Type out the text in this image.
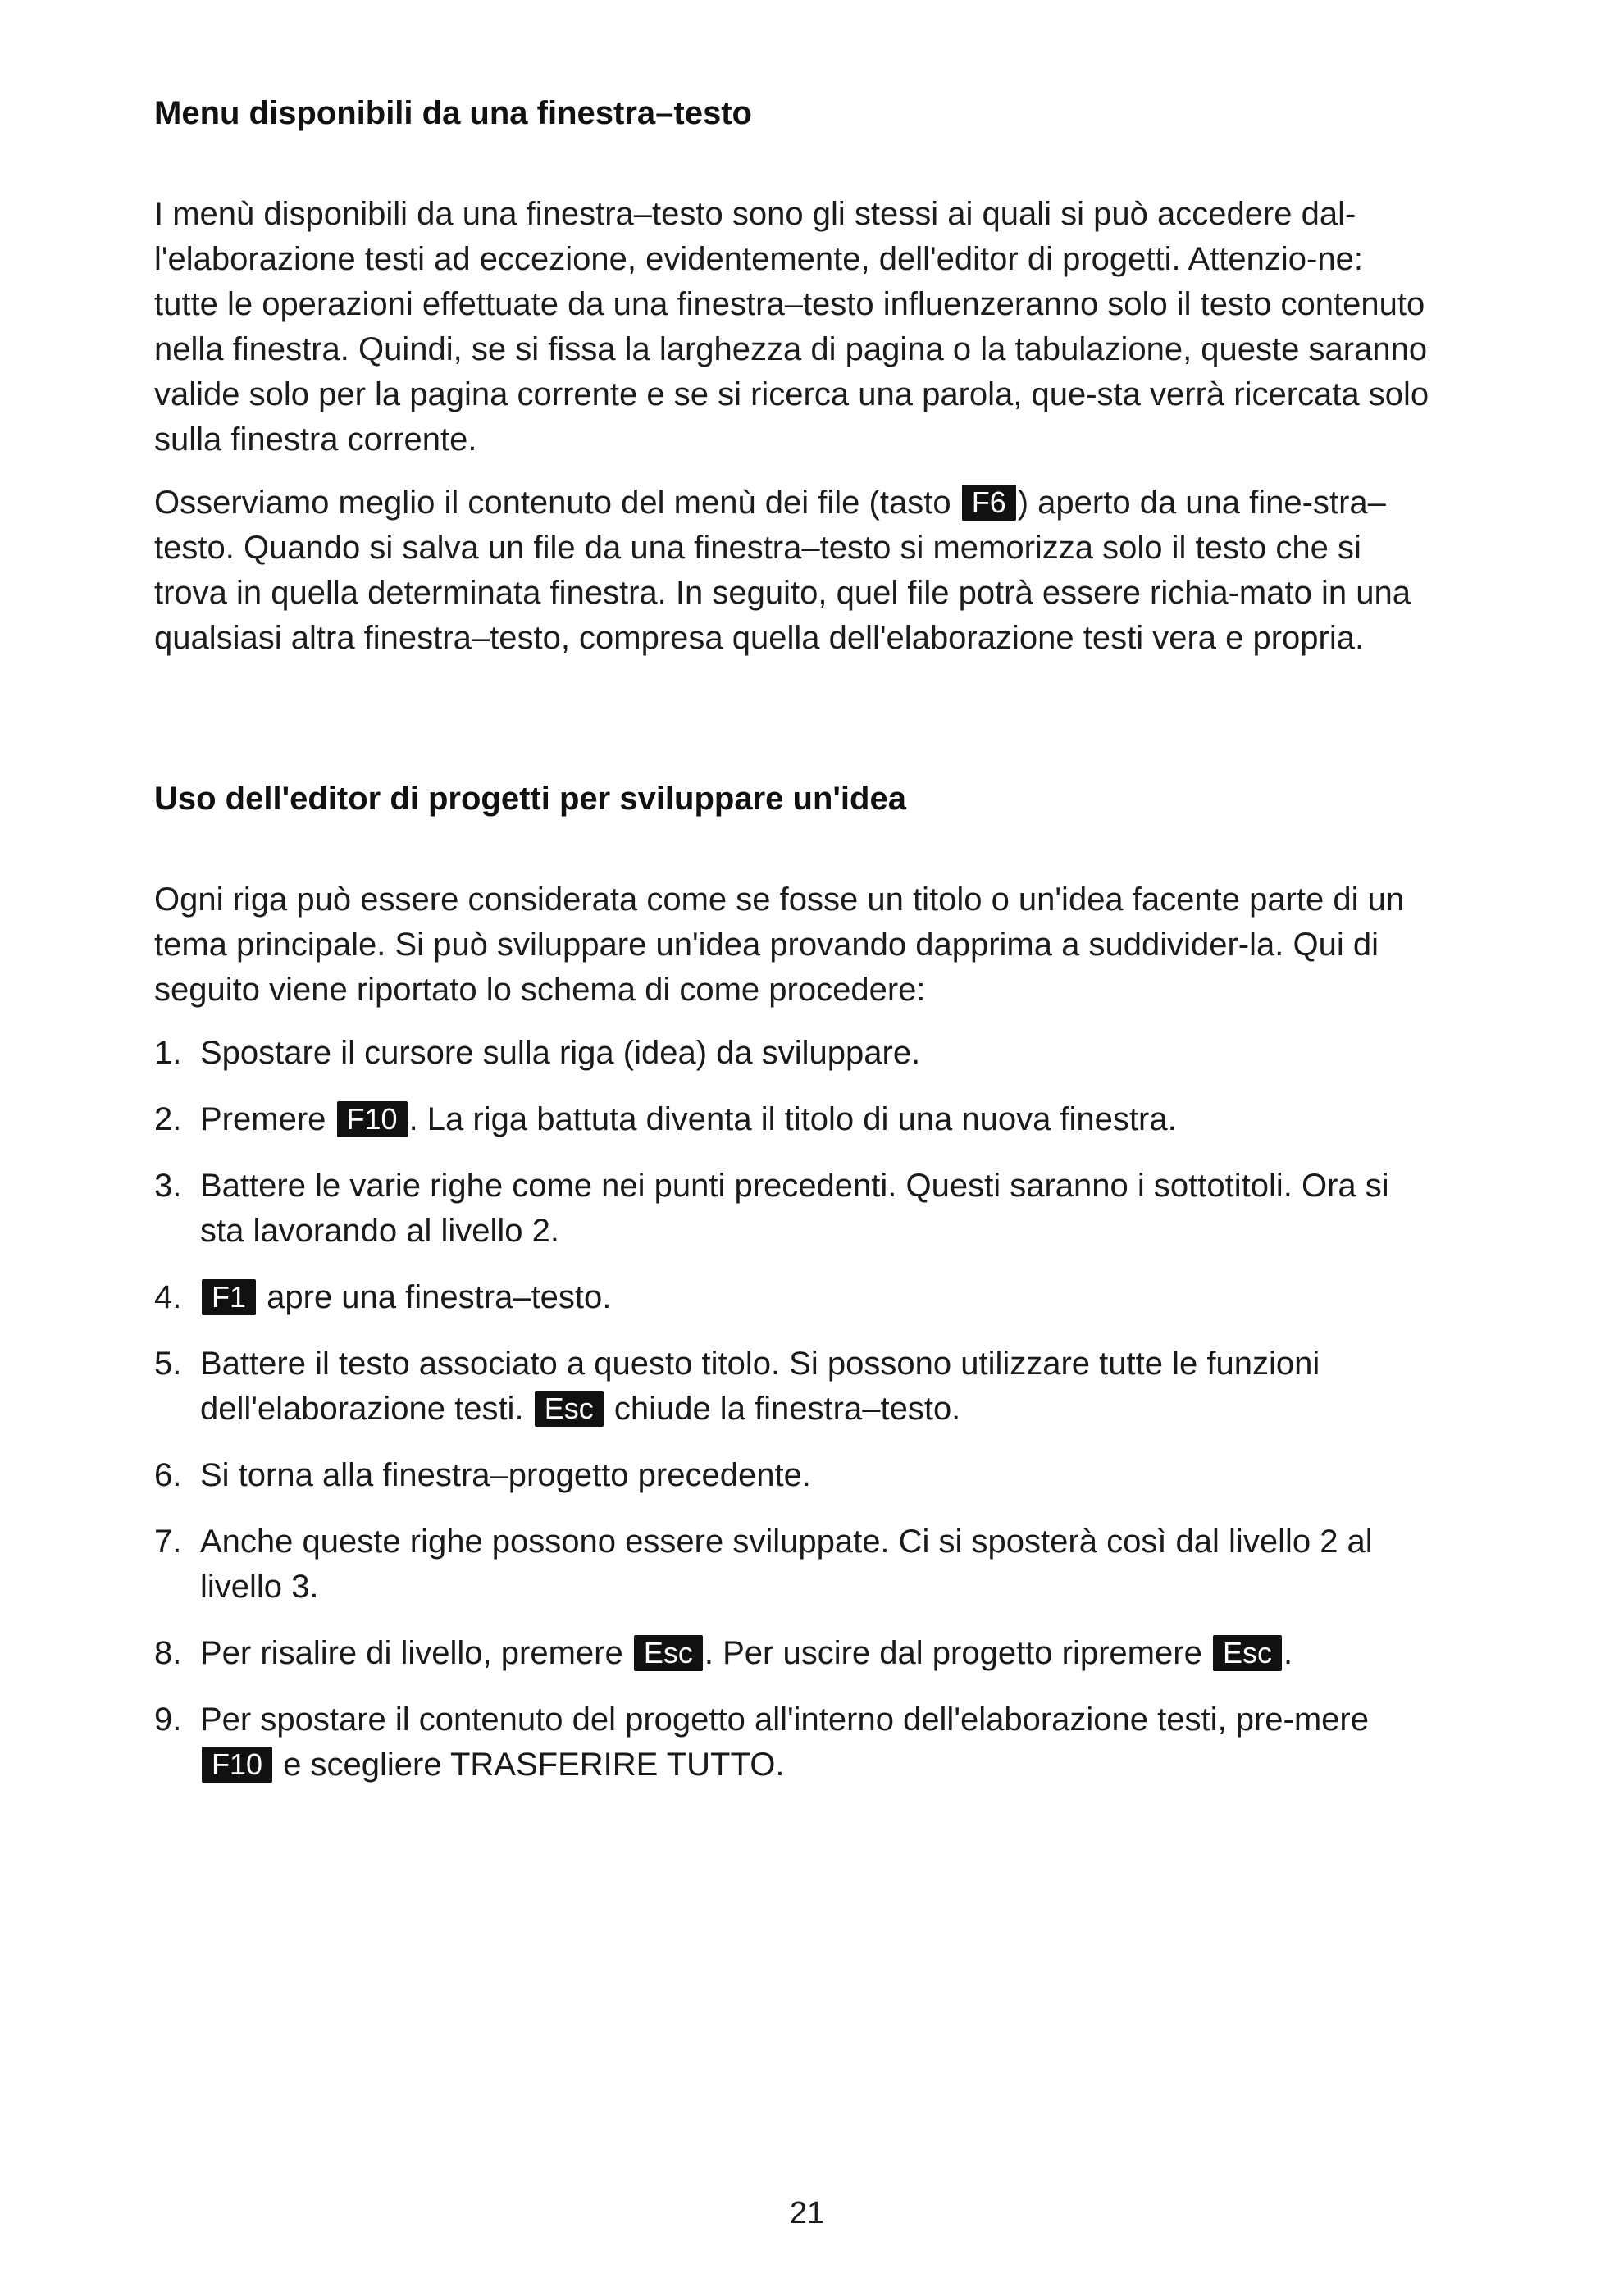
Menu disponibili da una finestra–testo

I menù disponibili da una finestra–testo sono gli stessi ai quali si può accedere dal-l'elaborazione testi ad eccezione, evidentemente, dell'editor di progetti. Attenzio-ne: tutte le operazioni effettuate da una finestra–testo influenzeranno solo il testo contenuto nella finestra. Quindi, se si fissa la larghezza di pagina o la tabulazione, queste saranno valide solo per la pagina corrente e se si ricerca una parola, que-sta verrà ricercata solo sulla finestra corrente.

Osserviamo meglio il contenuto del menù dei file (tasto F6 ) aperto da una fine-stra–testo. Quando si salva un file da una finestra–testo si memorizza solo il testo che si trova in quella determinata finestra. In seguito, quel file potrà essere richia-mato in una qualsiasi altra finestra–testo, compresa quella dell'elaborazione testi vera e propria.

Uso dell'editor di progetti per sviluppare un'idea

Ogni riga può essere considerata come se fosse un titolo o un'idea facente parte di un tema principale. Si può sviluppare un'idea provando dapprima a suddivider-la. Qui di seguito viene riportato lo schema di come procedere:

1. Spostare il cursore sulla riga (idea) da sviluppare.
2. Premere F10 . La riga battuta diventa il titolo di una nuova finestra.
3. Battere le varie righe come nei punti precedenti. Questi saranno i sottotitoli. Ora si sta lavorando al livello 2.
4.	F1 apre una finestra–testo.
5. Battere il testo associato a questo titolo. Si possono utilizzare tutte le funzioni dell'elaborazione testi. Esc chiude la finestra–testo.
6. Si torna alla finestra–progetto precedente.
7. Anche queste righe possono essere sviluppate. Ci si sposterà così dal livello 2 al livello 3.
8. Per risalire di livello, premere Esc . Per uscire dal progetto ripremere Esc .
9. Per spostare il contenuto del progetto all'interno dell'elaborazione testi, pre-mere F10 e scegliere TRASFERIRE TUTTO.
21
